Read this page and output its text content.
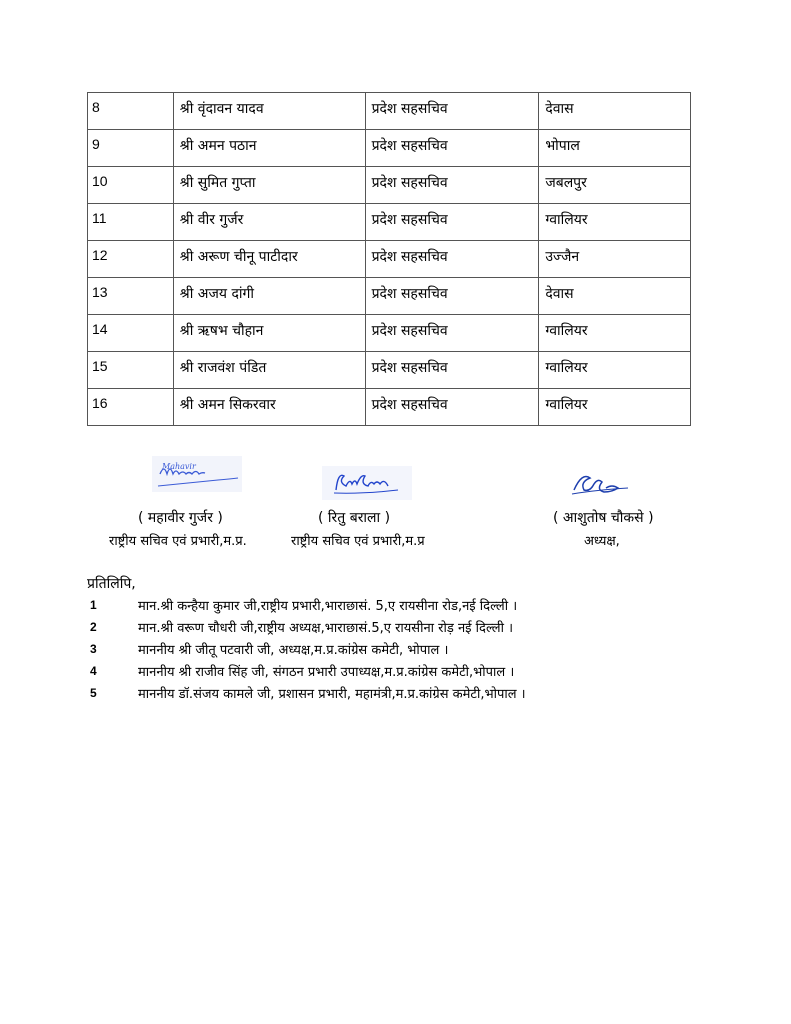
8	श्री वृंदावन यादव	प्रदेश सहसचिव	देवास
9	श्री अमन पठान	प्रदेश सहसचिव	भोपाल
10	श्री सुमित गुप्ता	प्रदेश सहसचिव	जबलपुर
11	श्री वीर गुर्जर	प्रदेश सहसचिव	ग्वालियर
12	श्री अरूण चीनू पाटीदार	प्रदेश सहसचिव	उज्जैन
13	श्री अजय दांगी	प्रदेश सहसचिव	देवास
14	श्री ऋषभ चौहान	प्रदेश सहसचिव	ग्वालियर
15	श्री राजवंश पंडित	प्रदेश सहसचिव	ग्वालियर
16	श्री अमन सिकरवार	प्रदेश सहसचिव	ग्वालियर
Mahavir
( महावीर गुर्जर )
राष्ट्रीय सचिव एवं प्रभारी,म.प्र.
( रितु बराला )
राष्ट्रीय सचिव एवं प्रभारी,म.प्र
( आशुतोष चौकसे )
अध्यक्ष,
प्रतिलिपि,
1	मान.श्री कन्हैया कुमार जी,राष्ट्रीय प्रभारी,भाराछासं. 5,ए रायसीना रोड,नई दिल्ली ।
2	मान.श्री वरूण चौधरी जी,राष्ट्रीय अध्यक्ष,भाराछासं.5,ए रायसीना रोड़ नई दिल्ली ।
3	माननीय श्री जीतू पटवारी जी, अध्यक्ष,म.प्र.कांग्रेस कमेटी, भोपाल ।
4	माननीय श्री राजीव सिंह जी, संगठन प्रभारी उपाध्यक्ष,म.प्र.कांग्रेस कमेटी,भोपाल ।
5	माननीय डॉ.संजय कामले जी, प्रशासन प्रभारी, महामंत्री,म.प्र.कांग्रेस कमेटी,भोपाल ।
